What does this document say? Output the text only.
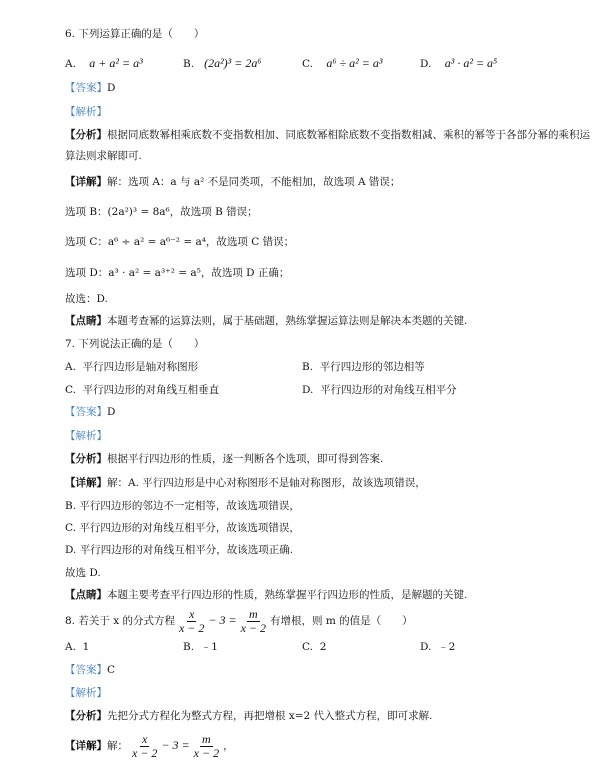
6. 下列运算正确的是（　　）
A. a + a² = a³	B. (2a²)³ = 2a⁶	C. a⁶ ÷ a² = a³	D. a³ · a² = a⁵
【答案】D
【解析】
【分析】根据同底数幂相乘底数不变指数相加、同底数幂相除底数不变指数相减、乘积的幂等于各部分幂的乘积运
算法则求解即可.
【详解】解：选项 A：a 与 a² 不是同类项，不能相加，故选项 A 错误；
选项 B：(2a²)³ = 8a⁶，故选项 B 错误；
选项 C：a⁶ ÷ a² = a⁶⁻² = a⁴，故选项 C 错误；
选项 D：a³ · a² = a³⁺² = a⁵，故选项 D 正确；
故选：D.
【点睛】本题考查幂的运算法则，属于基础题，熟练掌握运算法则是解决本类题的关键.
7. 下列说法正确的是（　　）
A. 平行四边形是轴对称图形	B. 平行四边形的邻边相等
C. 平行四边形的对角线互相垂直	D. 平行四边形的对角线互相平分
【答案】D
【解析】
【分析】根据平行四边形的性质，逐一判断各个选项，即可得到答案.
【详解】解：A. 平行四边形是中心对称图形不是轴对称图形，故该选项错误，
B. 平行四边形的邻边不一定相等，故该选项错误，
C. 平行四边形的对角线互相平分，故该选项错误，
D. 平行四边形的对角线互相平分，故该选项正确.
故选 D.
【点睛】本题主要考查平行四边形的性质，熟练掌握平行四边形的性质，是解题的关键.
8. 若关于 x 的分式方程 $\frac{x}{x - 2} - 3 = \frac{m}{x - 2}$ 有增根，则 m 的值是（　　）
A. 1	B. ﹣1	C. 2	D. ﹣2
【答案】C
【解析】
【分析】先把分式方程化为整式方程，再把增根 x=2 代入整式方程，即可求解.
【详解】解： $\frac{x}{x - 2} - 3 = \frac{m}{x - 2}$ ，
